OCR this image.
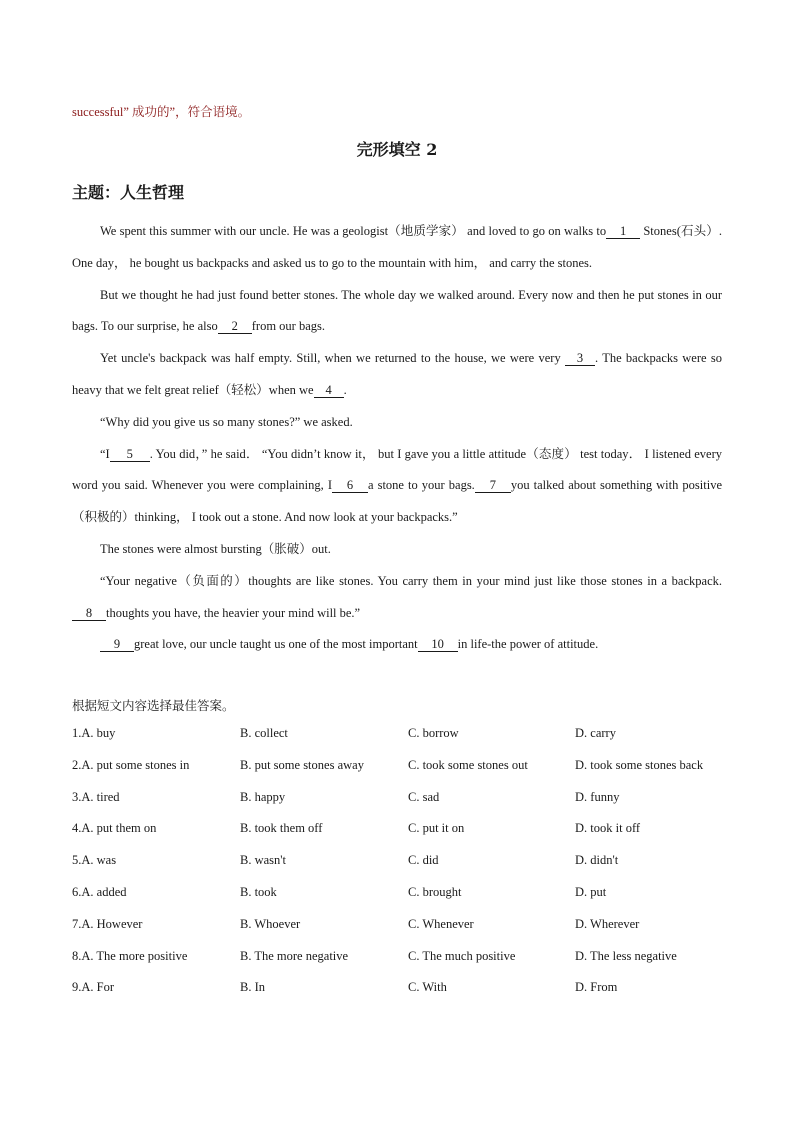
successful” 成功的”，符合语境。
完形填空 2
主题：人生哲理

We spent this summer with our uncle. He was a geologist（地质学家） and loved to go on walks to 1 Stones(石头）. One day， he bought us backpacks and asked us to go to the mountain with him， and carry the stones.

But we thought he had just found better stones. The whole day we walked around. Every now and then he put stones in our bags. To our surprise, he also 2 from our bags.

Yet uncle's backpack was half empty. Still, when we returned to the house, we were very 3 . The backpacks were so heavy that we felt great relief（轻松）when we 4 .

“Why did you give us so many stones?” we asked.

“I 5 . You did，” he said． “You didn’t know it， but I gave you a little attitude（态度） test today． I listened every word you said. Whenever you were complaining, I 6 a stone to your bags. 7 you talked about something with positive（积极的）thinking， I took out a stone. And now look at your backpacks.”

The stones were almost bursting（胀破）out.

“Your negative（负面的）thoughts are like stones. You carry them in your mind just like those stones in a backpack.8 thoughts you have, the heavier your mind will be.”

9 great love, our uncle taught us one of the most important 10 in life-the power of attitude.

根据短文内容选择最佳答案。
1.A. buy	B. collect	C. borrow	D. carry
2.A. put some stones in	B. put some stones away	C. took some stones out	D. took some stones back
3.A. tired	B. happy	C. sad	D. funny
4.A. put them on	B. took them off	C. put it on	D. took it off
5.A. was	B. wasn't	C. did	D. didn't
6.A. added	B. took	C. brought	D. put
7.A. However	B. Whoever	C. Whenever	D. Wherever
8.A. The more positive	B. The more negative	C. The much positive	D. The less negative
9.A. For	B. In	C. With	D. From
